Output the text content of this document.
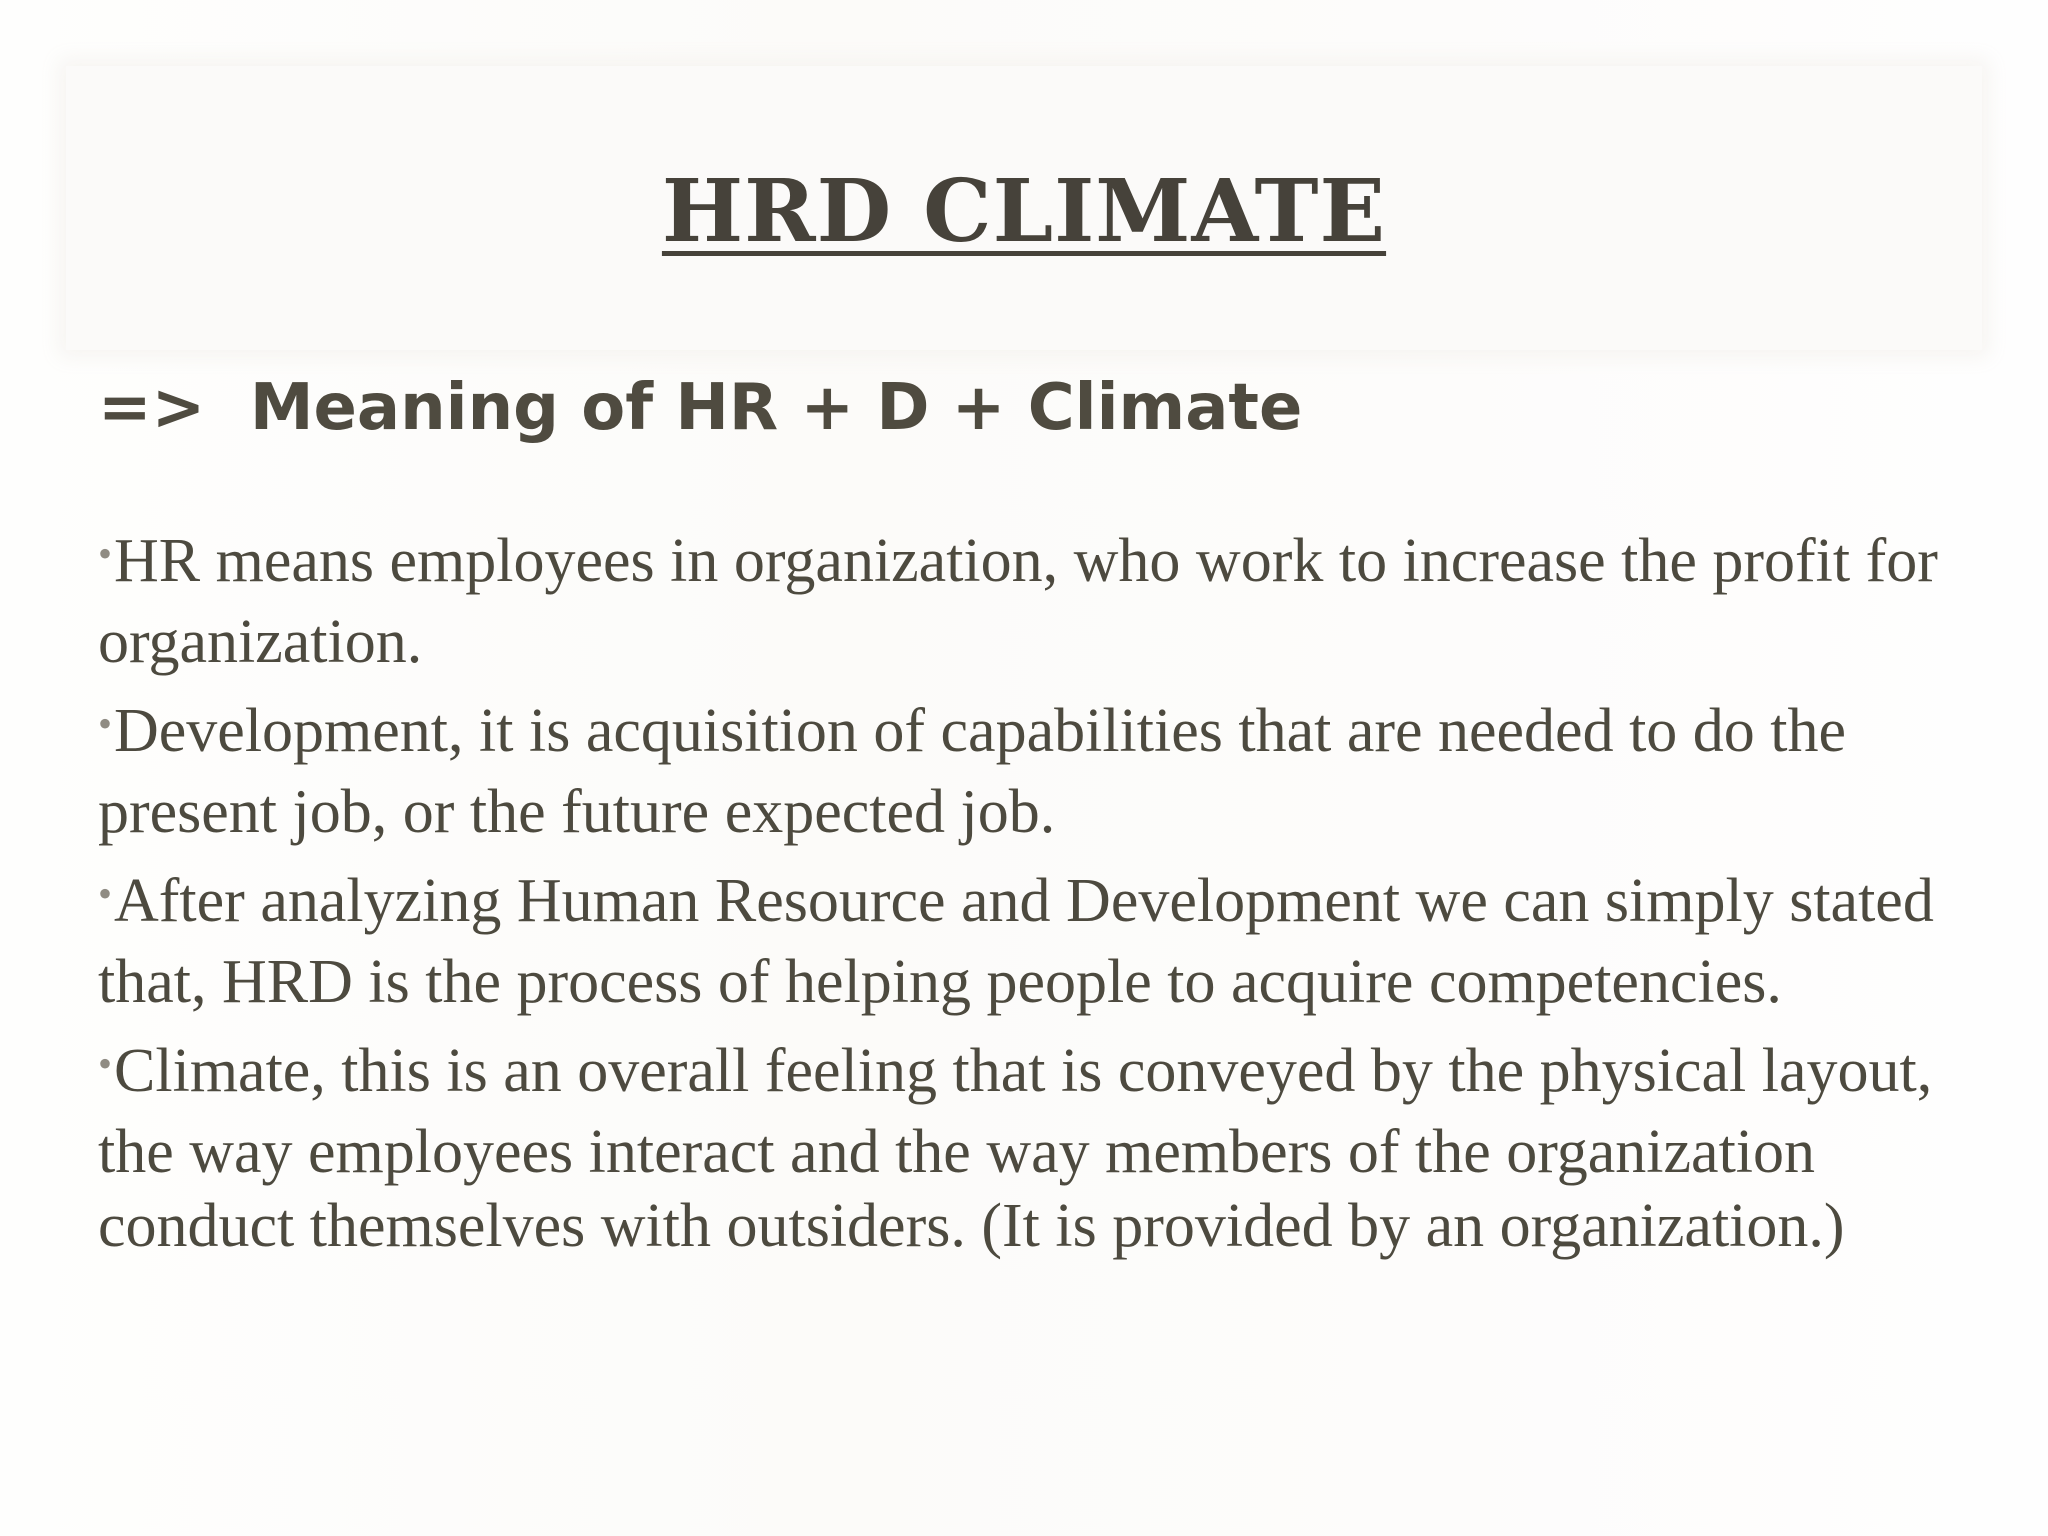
HRD CLIMATE
=>  Meaning of HR + D + Climate
•HR means employees in organization, who work to increase the profit for organization.
•Development, it is acquisition of capabilities that are needed to do the present job, or the future expected job.
•After analyzing Human Resource and Development we can simply stated that, HRD is the process of helping people to acquire competencies.
•Climate, this is an overall feeling that is conveyed by the physical layout, the way employees interact and the way members of the organization conduct themselves with outsiders. (It is provided by an organization.)
